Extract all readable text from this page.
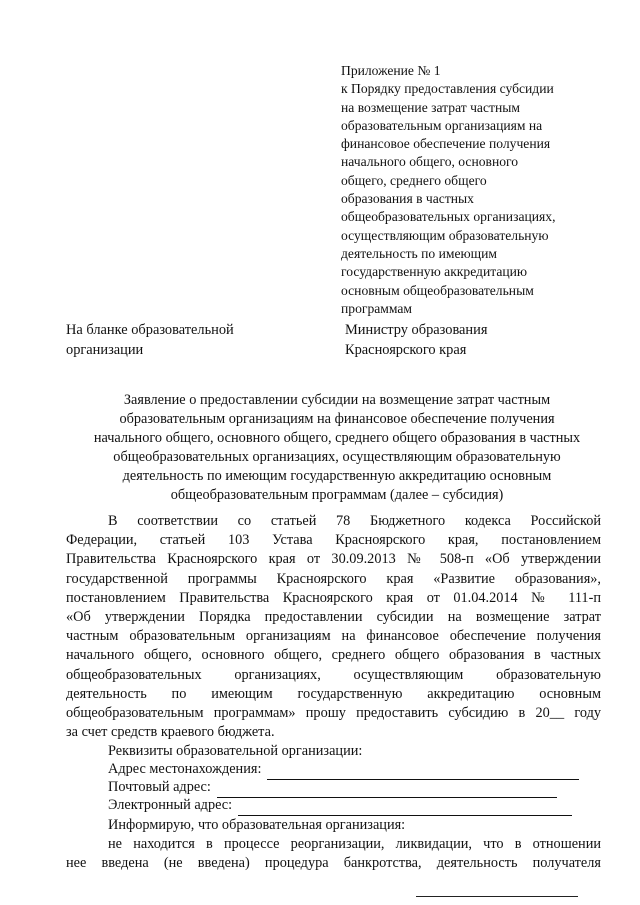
Приложение № 1
к Порядку предоставления субсидии
на возмещение затрат частным
образовательным организациям на
финансовое обеспечение получения
начального общего, основного
общего, среднего общего
образования в частных
общеобразовательных организациях,
осуществляющим образовательную
деятельность по имеющим
государственную аккредитацию
основным общеобразовательным
программам
На бланке образовательной
организации
Министру образования
Красноярского края
Заявление о предоставлении субсидии на возмещение затрат частным
образовательным организациям на финансовое обеспечение получения
начального общего, основного общего, среднего общего образования в частных
общеобразовательных организациях, осуществляющим образовательную
деятельность по имеющим государственную аккредитацию основным
общеобразовательным программам (далее – субсидия)
В соответствии со статьей 78 Бюджетного кодекса Российской
Федерации, статьей 103 Устава Красноярского края, постановлением
Правительства Красноярского края от 30.09.2013 № 508-п «Об утверждении
государственной программы Красноярского края «Развитие образования»,
постановлением Правительства Красноярского края от 01.04.2014 № 111-п
«Об утверждении Порядка предоставлении субсидии на возмещение затрат
частным образовательным организациям на финансовое обеспечение получения
начального общего, основного общего, среднего общего образования в частных
общеобразовательных организациях, осуществляющим образовательную
деятельность по имеющим государственную аккредитацию основным
общеобразовательным программам» прошу предоставить субсидию в 20__ году
за счет средств краевого бюджета.
Реквизиты образовательной организации:
Адрес местонахождения:
Почтовый адрес:
Электронный адрес:
Информирую, что образовательная организация:
не находится в процессе реорганизации, ликвидации, что в отношении
нее введена (не введена) процедура банкротства, деятельность получателя
